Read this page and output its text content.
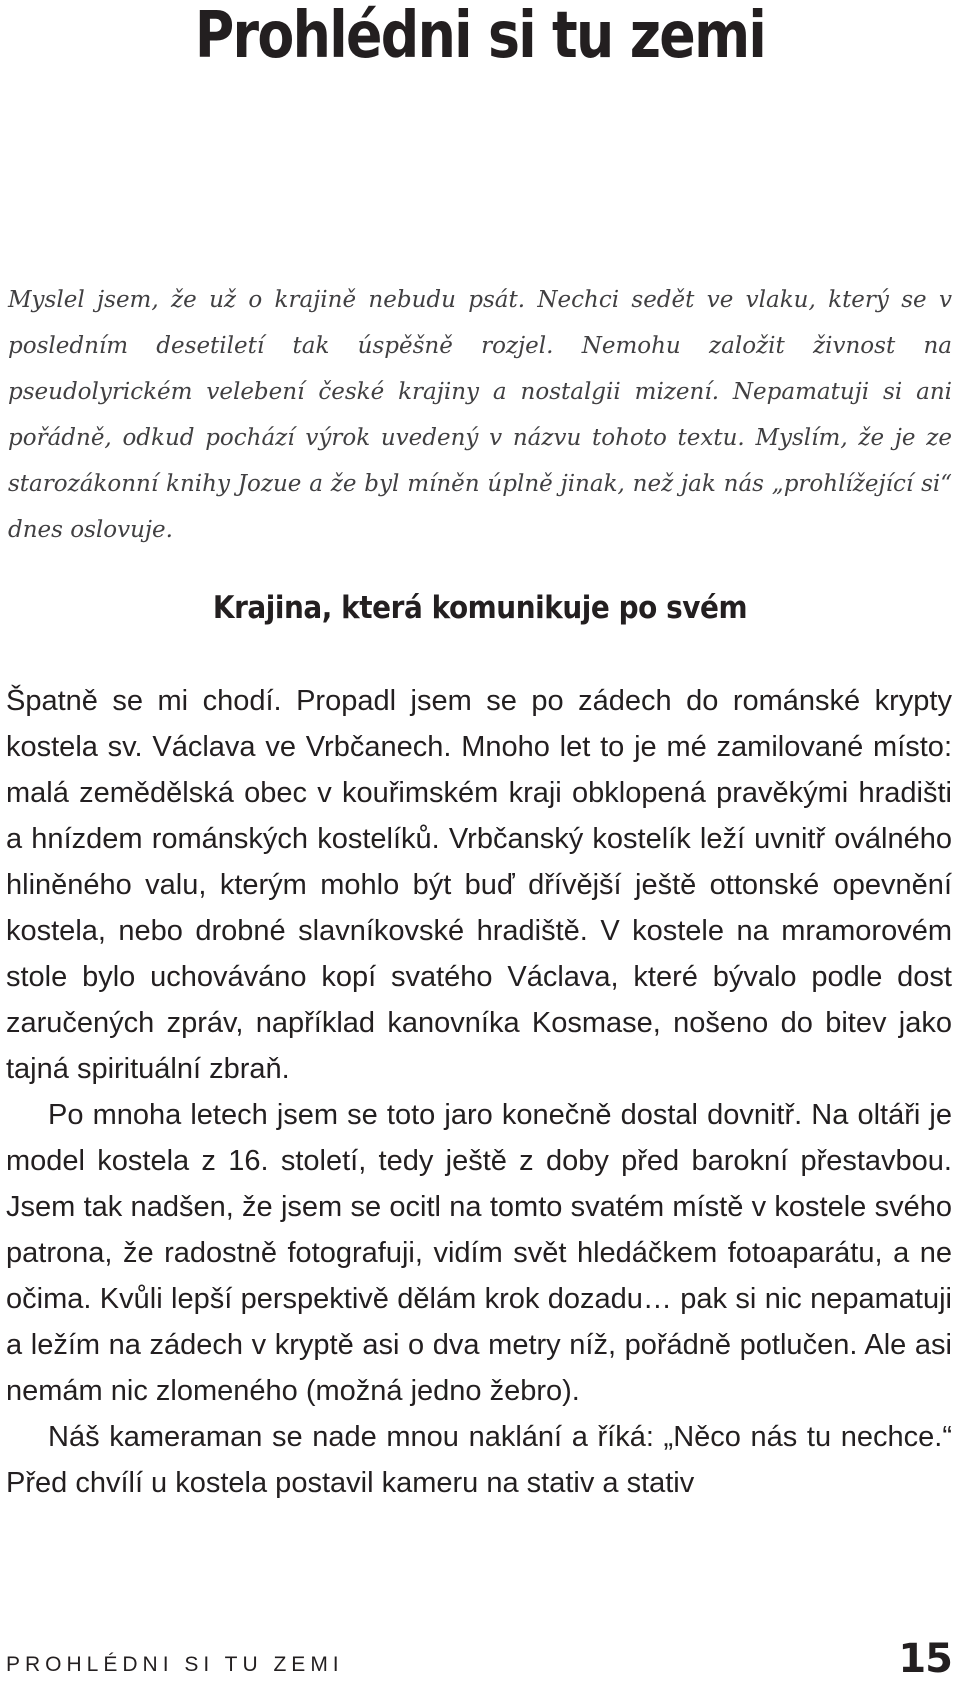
Prohlédni si tu zemi

Myslel jsem, že už o krajině nebudu psát. Nechci sedět ve vlaku, který se v posledním desetiletí tak úspěšně rozjel. Nemohu založit živnost na pseudolyrickém velebení české krajiny a nostalgii mizení. Nepamatuji si ani pořádně, odkud pochází výrok uvedený v názvu tohoto textu. Myslím, že je ze starozákonní knihy Jozue a že byl míněn úplně jinak, než jak nás „prohlížející si“ dnes oslovuje.

Krajina, která komunikuje po svém

Špatně se mi chodí. Propadl jsem se po zádech do románské krypty kostela sv. Václava ve Vrbčanech. Mnoho let to je mé zamilované místo: malá zemědělská obec v kouřimském kraji obklopená pravěkými hradišti a hnízdem románských kostelíků. Vrbčanský kostelík leží uvnitř oválného hliněného valu, kterým mohlo být buď dřívější ještě ottonské opevnění kostela, nebo drobné slavníkovské hradiště. V kostele na mramorovém stole bylo uchováváno kopí svatého Václava, které bývalo podle dost zaručených zpráv, například kanovníka Kosmase, nošeno do bitev jako tajná spirituální zbraň.

Po mnoha letech jsem se toto jaro konečně dostal dovnitř. Na oltáři je model kostela z 16. století, tedy ještě z doby před barokní přestavbou. Jsem tak nadšen, že jsem se ocitl na tomto svatém místě v kostele svého patrona, že radostně fotografuji, vidím svět hledáčkem fotoaparátu, a ne očima. Kvůli lepší perspektivě dělám krok dozadu… pak si nic nepamatuji a ležím na zádech v kryptě asi o dva metry níž, pořádně potlučen. Ale asi nemám nic zlomeného (možná jedno žebro).

Náš kameraman se nade mnou naklání a říká: „Něco nás tu nechce.“ Před chvílí u kostela postavil kameru na stativ a stativ

PROHLÉDNI SI TU ZEMI	15
